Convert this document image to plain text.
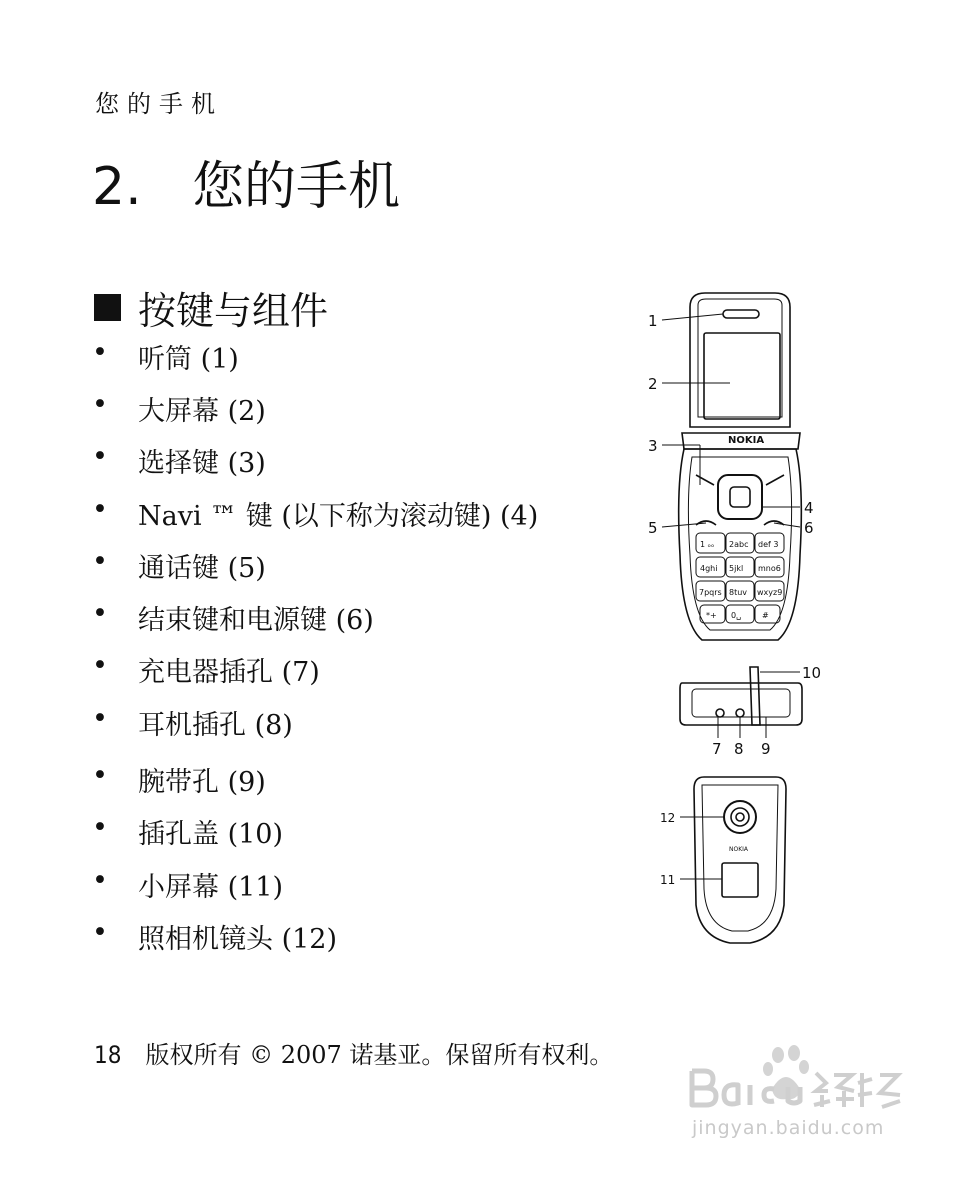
您的手机
2. 您的手机
按键与组件
• 听筒 (1)
• 大屏幕 (2)
• 选择键 (3)
• Navi ™ 键 (以下称为滚动键) (4)
• 通话键 (5)
• 结束键和电源键 (6)
• 充电器插孔 (7)
• 耳机插孔 (8)
• 腕带孔 (9)
• 插孔盖 (10)
• 小屏幕 (11)
• 照相机镜头 (12)
NOKIA
1 ₒₒ 2abc def 3
4ghi 5jkl mno6
7pqrs 8tuv wxyz9
*+ 0␣	#
1
2
3
4
5	6
10
7 8 9
NOKIA
12
11
18 版权所有 © 2007 诺基亚。保留所有权利。
jingyan.baidu.com
